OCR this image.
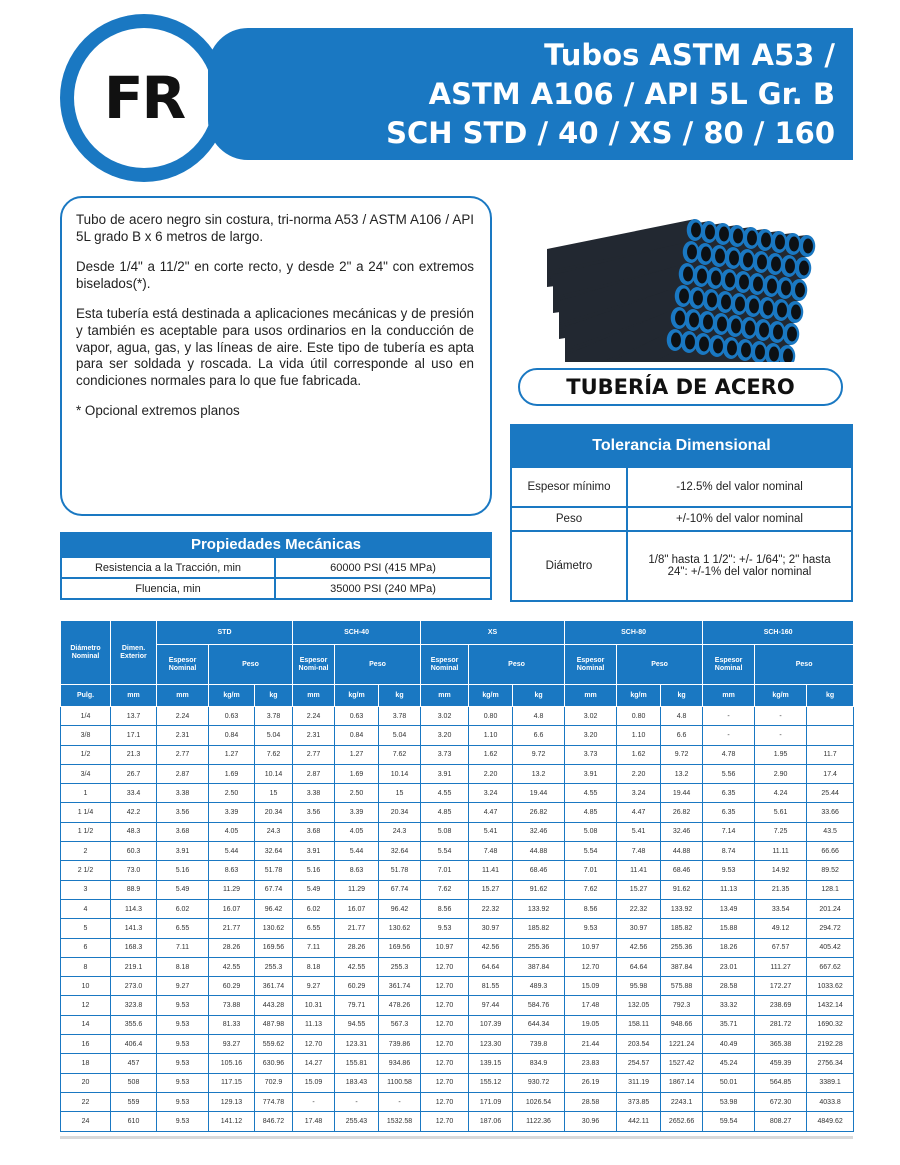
FR
Tubos ASTM A53 /
ASTM A106 / API 5L Gr. B
SCH STD / 40 / XS / 80 / 160

Tubo de acero negro sin costura, tri-norma A53 / ASTM A106 / API 5L grado B x 6 metros de largo.

Desde 1/4" a 11/2" en corte recto, y desde 2" a 24" con extremos biselados(*).

Esta tubería está destinada a aplicaciones mecánicas y de presión y también es aceptable para usos ordinarios en la conducción de vapor, agua, gas, y las líneas de aire. Este tipo de tubería es apta para ser soldada y roscada. La vida útil corresponde al uso en condiciones normales para lo que fue fabricada.

* Opcional extremos planos

TUBERÍA DE ACERO
Tolerancia Dimensional
Espesor mínimo	-12.5% del valor nominal
Peso	+/-10% del valor nominal
Diámetro	1/8" hasta 1 1/2": +/- 1/64"; 2" hasta 24": +/-1% del valor nominal
Propiedades Mecánicas
Resistencia a la Tracción, min	60000 PSI (415 MPa)
Fluencia, min	35000 PSI (240 MPa)
Diámetro Nominal	Dimen. Exterior	STD			SCH-40			XS			SCH-80			SCH-160		
		Espesor Nominal	Peso		Espesor Nomi-nal	Peso		Espesor Nominal	Peso		Espesor Nominal	Peso		Espesor Nominal	Peso	
Pulg.	mm	mm	kg/m	kg	mm	kg/m	kg	mm	kg/m	kg	mm	kg/m	kg	mm	kg/m	kg
1/4	13.7	2.24	0.63	3.78	2.24	0.63	3.78	3.02	0.80	4.8	3.02	0.80	4.8	-	-	
3/8	17.1	2.31	0.84	5.04	2.31	0.84	5.04	3.20	1.10	6.6	3.20	1.10	6.6	-	-	
1/2	21.3	2.77	1.27	7.62	2.77	1.27	7.62	3.73	1.62	9.72	3.73	1.62	9.72	4.78	1.95	11.7
3/4	26.7	2.87	1.69	10.14	2.87	1.69	10.14	3.91	2.20	13.2	3.91	2.20	13.2	5.56	2.90	17.4
1	33.4	3.38	2.50	15	3.38	2.50	15	4.55	3.24	19.44	4.55	3.24	19.44	6.35	4.24	25.44
1 1/4	42.2	3.56	3.39	20.34	3.56	3.39	20.34	4.85	4.47	26.82	4.85	4.47	26.82	6.35	5.61	33.66
1 1/2	48.3	3.68	4.05	24.3	3.68	4.05	24.3	5.08	5.41	32.46	5.08	5.41	32.46	7.14	7.25	43.5
2	60.3	3.91	5.44	32.64	3.91	5.44	32.64	5.54	7.48	44.88	5.54	7.48	44.88	8.74	11.11	66.66
2 1/2	73.0	5.16	8.63	51.78	5.16	8.63	51.78	7.01	11.41	68.46	7.01	11.41	68.46	9.53	14.92	89.52
3	88.9	5.49	11.29	67.74	5.49	11.29	67.74	7.62	15.27	91.62	7.62	15.27	91.62	11.13	21.35	128.1
4	114.3	6.02	16.07	96.42	6.02	16.07	96.42	8.56	22.32	133.92	8.56	22.32	133.92	13.49	33.54	201.24
5	141.3	6.55	21.77	130.62	6.55	21.77	130.62	9.53	30.97	185.82	9.53	30.97	185.82	15.88	49.12	294.72
6	168.3	7.11	28.26	169.56	7.11	28.26	169.56	10.97	42.56	255.36	10.97	42.56	255.36	18.26	67.57	405.42
8	219.1	8.18	42.55	255.3	8.18	42.55	255.3	12.70	64.64	387.84	12.70	64.64	387.84	23.01	111.27	667.62
10	273.0	9.27	60.29	361.74	9.27	60.29	361.74	12.70	81.55	489.3	15.09	95.98	575.88	28.58	172.27	1033.62
12	323.8	9.53	73.88	443.28	10.31	79.71	478.26	12.70	97.44	584.76	17.48	132.05	792.3	33.32	238.69	1432.14
14	355.6	9.53	81.33	487.98	11.13	94.55	567.3	12.70	107.39	644.34	19.05	158.11	948.66	35.71	281.72	1690.32
16	406.4	9.53	93.27	559.62	12.70	123.31	739.86	12.70	123.30	739.8	21.44	203.54	1221.24	40.49	365.38	2192.28
18	457	9.53	105.16	630.96	14.27	155.81	934.86	12.70	139.15	834.9	23.83	254.57	1527.42	45.24	459.39	2756.34
20	508	9.53	117.15	702.9	15.09	183.43	1100.58	12.70	155.12	930.72	26.19	311.19	1867.14	50.01	564.85	3389.1
22	559	9.53	129.13	774.78	-	-	-	12.70	171.09	1026.54	28.58	373.85	2243.1	53.98	672.30	4033.8
24	610	9.53	141.12	846.72	17.48	255.43	1532.58	12.70	187.06	1122.36	30.96	442.11	2652.66	59.54	808.27	4849.62
